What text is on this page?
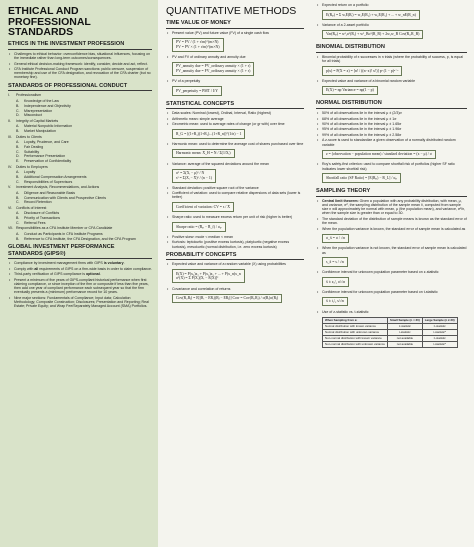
ETHICAL AND
PROFESSIONAL STANDARDS
ETHICS IN THE INVESTMENT PROFESSION
• Challenges to ethical behavior: overconfidence bias, situational influences, focusing on the immediate rather than long-term outcomes/consequences.
• General ethical decision-making framework: identify, consider, decide and act, reflect.
• CFA Institute Professional Conduct Program sanctions: public censure, suspension of membership and use of the CFA designation, and revocation of the CFA charter (but no monetary fine).
STANDARDS OF PROFESSIONAL CONDUCT
I.	Professionalism
A.	Knowledge of the Law
B.	Independence and Objectivity
C.	Misrepresentation
D.	Misconduct
II.	Integrity of Capital Markets
A.	Material Nonpublic Information
B.	Market Manipulation
III.	Duties to Clients
A.	Loyalty, Prudence, and Care
B.	Fair Dealing
C.	Suitability
D.	Performance Presentation
E.	Preservation of Confidentiality
IV.	Duties to Employers
A.	Loyalty
B.	Additional Compensation Arrangements
C.	Responsibilities of Supervisors
V.	Investment Analysis, Recommendations, and Actions
A.	Diligence and Reasonable Basis
B.	Communication with Clients and Prospective Clients
C.	Record Retention
VI.	Conflicts of Interest
A.	Disclosure of Conflicts
B.	Priority of Transactions
C.	Referral Fees
VII. Responsibilities as a CFA Institute Member or CFA Candidate
A.	Conduct as Participants in CFA Institute Programs
B.	Reference to CFA Institute, the CFA Designation, and the CFA Program
GLOBAL INVESTMENT PERFORMANCE
STANDARDS (GIPS®)
• Compliance by investment management firms with GIPS is voluntary.
• Comply with all requirements of GIPS on a firm-wide basis in order to claim compliance.
• Third-party verification of GIPS compliance is optional.
• Present a minimum of five years of GIPS-compliant historical performance when first claiming compliance, or since inception of the firm or composite if less than five years, then add one year of compliant performance each subsequent year so that the firm eventually presents a (minimum) performance record for 10 years.
• Nine major sections: Fundamentals of Compliance; Input data; Calculation Methodology; Composite Construction; Disclosures; Presentation and Reporting; Real Estate; Private Equity; and Wrap Fee/Separately Managed Account (SMA) Portfolios.
QUANTITATIVE METHODS
TIME VALUE OF MONEY
• Present value (PV) and future value (FV) of a single cash flow
PV = FV / (1 + r/m)^(m×N)
FV = PV × (1 + r/m)^(m×N)
• PV and FV of ordinary annuity and annuity due
PV_annuity due = PV_ordinary annuity × (1 + r)
FV_annuity due = FV_ordinary annuity × (1 + r)
• PV of a perpetuity
PV_perpetuity = PMT / I/Y
STATISTICAL CONCEPTS
• Data scales: Nominal (lowest), Ordinal, Interval, Ratio (highest)
• Arithmetic mean: simple average
• Geometric mean: used to average rates of change (or gr with) over time
R_G = [(1+R₁)(1+R₂)...(1+R_n)]^(1/n) − 1
• Harmonic mean: used to determine the average cost of shares purchased over time
Harmonic mean: X̄_H = N / Σ(1/Xᵢ)
• Variance: average of the squared deviations around the mean
σ² = Σ(Xᵢ − μ)² / N
s² = Σ(Xᵢ − X̄)² / (n − 1)
• Standard deviation: positive square root of the variance
• Coefficient of variation: used to compare relative dispersions of data sets (lower is better)
Coefficient of variation: CV = s / X̄
• Sharpe ratio: used to measure excess return per unit of risk (higher is better)
Sharpe ratio = (R̄ₚ − R̄_f) / σₚ
• Positive skew: mode < median < mean
• Kurtosis: leptokurtic (positive excess kurtosis), platykurtic (negative excess kurtosis), mesokurtic (normal distribution, i.e. zero excess kurtosis)
PROBABILITY CONCEPTS
• Expected value and variance of a random variable (X) using probabilities
E(X) = P(x₁)x₁ + P(x₂)x₂ + ... + P(x_n)x_n
σ²(X) = Σ P(Xᵢ)[Xᵢ − E(X)]²
• Covariance and correlation of returns
Cov(Rᵢ,Rⱼ) = E[(Rᵢ − ERᵢ)(Rⱼ − ERⱼ)] Corr = Cov(Rᵢ,Rⱼ) / σ(Rᵢ)σ(Rⱼ)
• Expected return on a portfolio
E(Rₚ) = Σ wᵢE(Rᵢ) = w₁E(R₁) + w₂E(R₂) + ... + w_nE(R_n)
• Variance of a 2-asset portfolio
Var(Rₚ) = w²ₐσ²(Rₐ) + w²_Bσ²(R_B) + 2wₐw_B Cov(Rₐ,R_B)
BINOMIAL DISTRIBUTION
• Binomial probability of x successes in n trials (where the probability of success, p, is equal for all trials)
p(x) = P(X = x) = [n! / ((n−x)! x!)] pˣ (1 − p)ⁿ⁻ˣ
• Expected value and variance of a binomial random variable
E(X) = np Variance = np(1 − p)
NORMAL DISTRIBUTION
• 50% of all observations lie in the interval μ ± (2/3)σ
• 68% of all observations lie in the interval μ ± 1σ
• 90% of all observations lie in the interval μ ± 1.65σ
• 95% of all observations lie in the interval μ ± 1.96σ
• 99% of all observations lie in the interval μ ± 2.58σ
• A z-score is used to standardize a given observation of a normally distributed random variable
z = (observation − population mean) / standard deviation = (x − μ) / σ
• Roy's safety-first criterion: used to compare shortfall risk of portfolios (higher SF ratio indicates lower shortfall risk)
Shortfall ratio (SF Ratio) = [E(Rₚ) − R_L] / σₚ
SAMPLING THEORY
• Central limit theorem: Given a population with any probability distribution, with mean, μ, and variance, σ², the sampling distribution of the sample mean x̄, computed from sample size n will approximately be normal with mean, μ (the population mean), and variance, σ²/n, when the sample size is greater than or equal to 30.
• The standard deviation of the distribution of sample means is known as the standard error of the mean.
• When the population variance is known, the standard error of sample mean is calculated as
σ_x̄ = σ / √n
• When the population variance is not known, the standard error of sample mean is calculated as
s_x̄ = s / √n
• Confidence interval for unknown population parameter based on z-statistic
x̄ ± zₐ/₂ σ/√n
• Confidence interval for unknown population parameter based on t-statistic
x̄ ± tₐ/₂ s/√n
• Use of z-statistic vs. t-statistic
When Sampling from a:	Small Sample (n < 30)	Large Sample (n ≥ 30)
Normal distribution with known variance	z-statistic	z-statistic
Normal distribution with unknown variance	t-statistic	t-statistic*
Non-normal distribution with known variance	not available	z-statistic
Non-normal distribution with unknown variance	not available	t-statistic*
